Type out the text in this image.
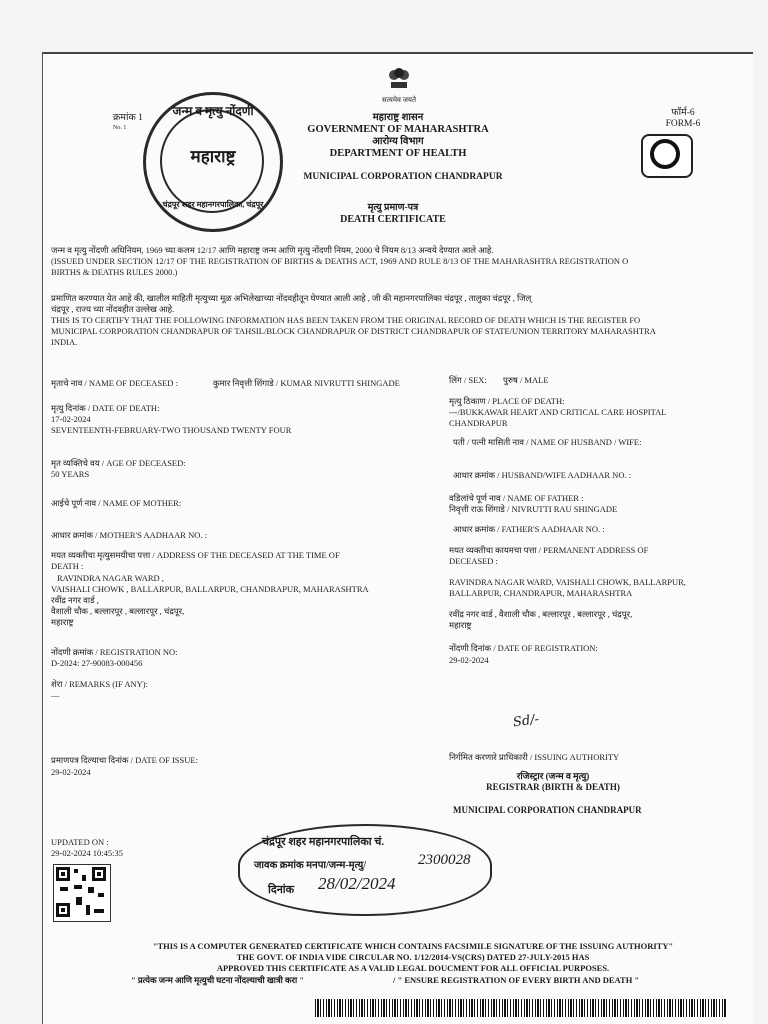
सत्यमेव जयते
क्रमांक 1
No. 1
जन्म व मृत्यु नोंदणी
महाराष्ट्र
चंद्रपूर शहर महानगरपालिका, चंद्रपूर
महाराष्ट्र शासन
GOVERNMENT OF MAHARASHTRA
आरोग्य विभाग
DEPARTMENT OF HEALTH
MUNICIPAL CORPORATION CHANDRAPUR
मृत्यु प्रमाण-पत्र
DEATH CERTIFICATE
फॉर्म-6
FORM-6
जन्म व मृत्यु नोंदणी अधिनियम, 1969 च्या कलम 12/17 आणि महाराष्ट्र जन्म आणि मृत्यु नोंदणी नियम, 2000 चे नियम 8/13 अन्वये देण्यात आले आहे.
(ISSUED UNDER SECTION 12/17 OF THE REGISTRATION OF BIRTHS & DEATHS ACT, 1969 AND RULE 8/13 OF THE MAHARASHTRA REGISTRATION O
BIRTHS & DEATHS RULES 2000.)
प्रमाणित करण्यात येत आहे की, खालील माहिती मृत्युच्या मूळ अभिलेखाच्या नोंदवहीतून घेण्यात आली आहे , जी की महानगरपालिका चंद्रपूर , तालुका चंद्रपूर , जिल्
चंद्रपूर , राज्य च्या नोंदवहीत उल्लेख आहे.
THIS IS TO CERTIFY THAT THE FOLLOWING INFORMATION HAS BEEN TAKEN FROM THE ORIGINAL RECORD OF DEATH WHICH IS THE REGISTER FO
MUNICIPAL CORPORATION CHANDRAPUR OF TAHSIL/BLOCK CHANDRAPUR OF DISTRICT CHANDRAPUR OF STATE/UNION TERRITORY MAHARASHTRA
INDIA.
मृताचे नाव / NAME OF DECEASED :	कुमार निवृत्ती शिंगाडे / KUMAR NIVRUTTI SHINGADE
मृत्यु दिनांक / DATE OF DEATH:
17-02-2024
SEVENTEENTH-FEBRUARY-TWO THOUSAND TWENTY FOUR
मृत व्यक्तिचे वय / AGE OF DECEASED:
50 YEARS
आईचे पूर्ण नाव / NAME OF MOTHER:
आधार क्रमांक / MOTHER'S AADHAAR NO. :
मयत व्यक्तीचा मृत्युसमयीचा पत्ता / ADDRESS OF THE DECEASED AT THE TIME OF
DEATH :
RAVINDRA NAGAR WARD ,
VAISHALI CHOWK , BALLARPUR, BALLARPUR, CHANDRAPUR, MAHARASHTRA
रवींद्र नगर वार्ड ,
वैशाली चौक , बल्लारपूर , बल्लारपूर , चंद्रपूर,
महाराष्ट्र
नोंदणी क्रमांक / REGISTRATION NO:
D-2024: 27-90083-000456
शेरा / REMARKS (IF ANY):
—
प्रमाणपत्र दिल्याचा दिनांक / DATE OF ISSUE:
29-02-2024
UPDATED ON :
29-02-2024 10:45:35
लिंग / SEX: पुरुष / MALE
मृत्यु ठिकाण / PLACE OF DEATH:
---/BUKKAWAR HEART AND CRITICAL CARE HOSPITAL
CHANDRAPUR
पती / पत्नी मासिती नाव / NAME OF HUSBAND / WIFE:
आधार क्रमांक / HUSBAND/WIFE AADHAAR NO. :
वडिलांचे पूर्ण नाव / NAME OF FATHER :
निवृत्ती राऊ शिंगाडे / NIVRUTTI RAU SHINGADE
आधार क्रमांक / FATHER'S AADHAAR NO. :
मयत व्यक्तीचा कायमचा पत्ता / PERMANENT ADDRESS OF
DECEASED :
RAVINDRA NAGAR WARD, VAISHALI CHOWK, BALLARPUR,
BALLARPUR, CHANDRAPUR, MAHARASHTRA
रवींद्र नगर वार्ड , वैशाली चौक , बल्लारपूर , बल्लारपूर , चंद्रपूर,
महाराष्ट्र
नोंदणी दिनांक / DATE OF REGISTRATION:
29-02-2024
Sd/-
निर्गमित करणारे प्राधिकारी / ISSUING AUTHORITY
रजिस्ट्रार (जन्म व मृत्यु)
REGISTRAR (BIRTH & DEATH)
MUNICIPAL CORPORATION CHANDRAPUR
चंद्रपूर शहर महानगरपालिका चं.
जावक क्रमांक मनपा/जन्म-मृत्यु/	2300028
दिनांक 28/02/2024
"THIS IS A COMPUTER GENERATED CERTIFICATE WHICH CONTAINS FACSIMILE SIGNATURE OF THE ISSUING AUTHORITY"
THE GOVT. OF INDIA VIDE CIRCULAR NO. 1/12/2014-VS(CRS) DATED 27-JULY-2015 HAS
APPROVED THIS CERTIFICATE AS A VALID LEGAL DOUCMENT FOR ALL OFFICIAL PURPOSES.
" प्रत्येक जन्म आणि मृत्युची घटना नोंदल्याची खात्री करा "	/ " ENSURE REGISTRATION OF EVERY BIRTH AND DEATH "
